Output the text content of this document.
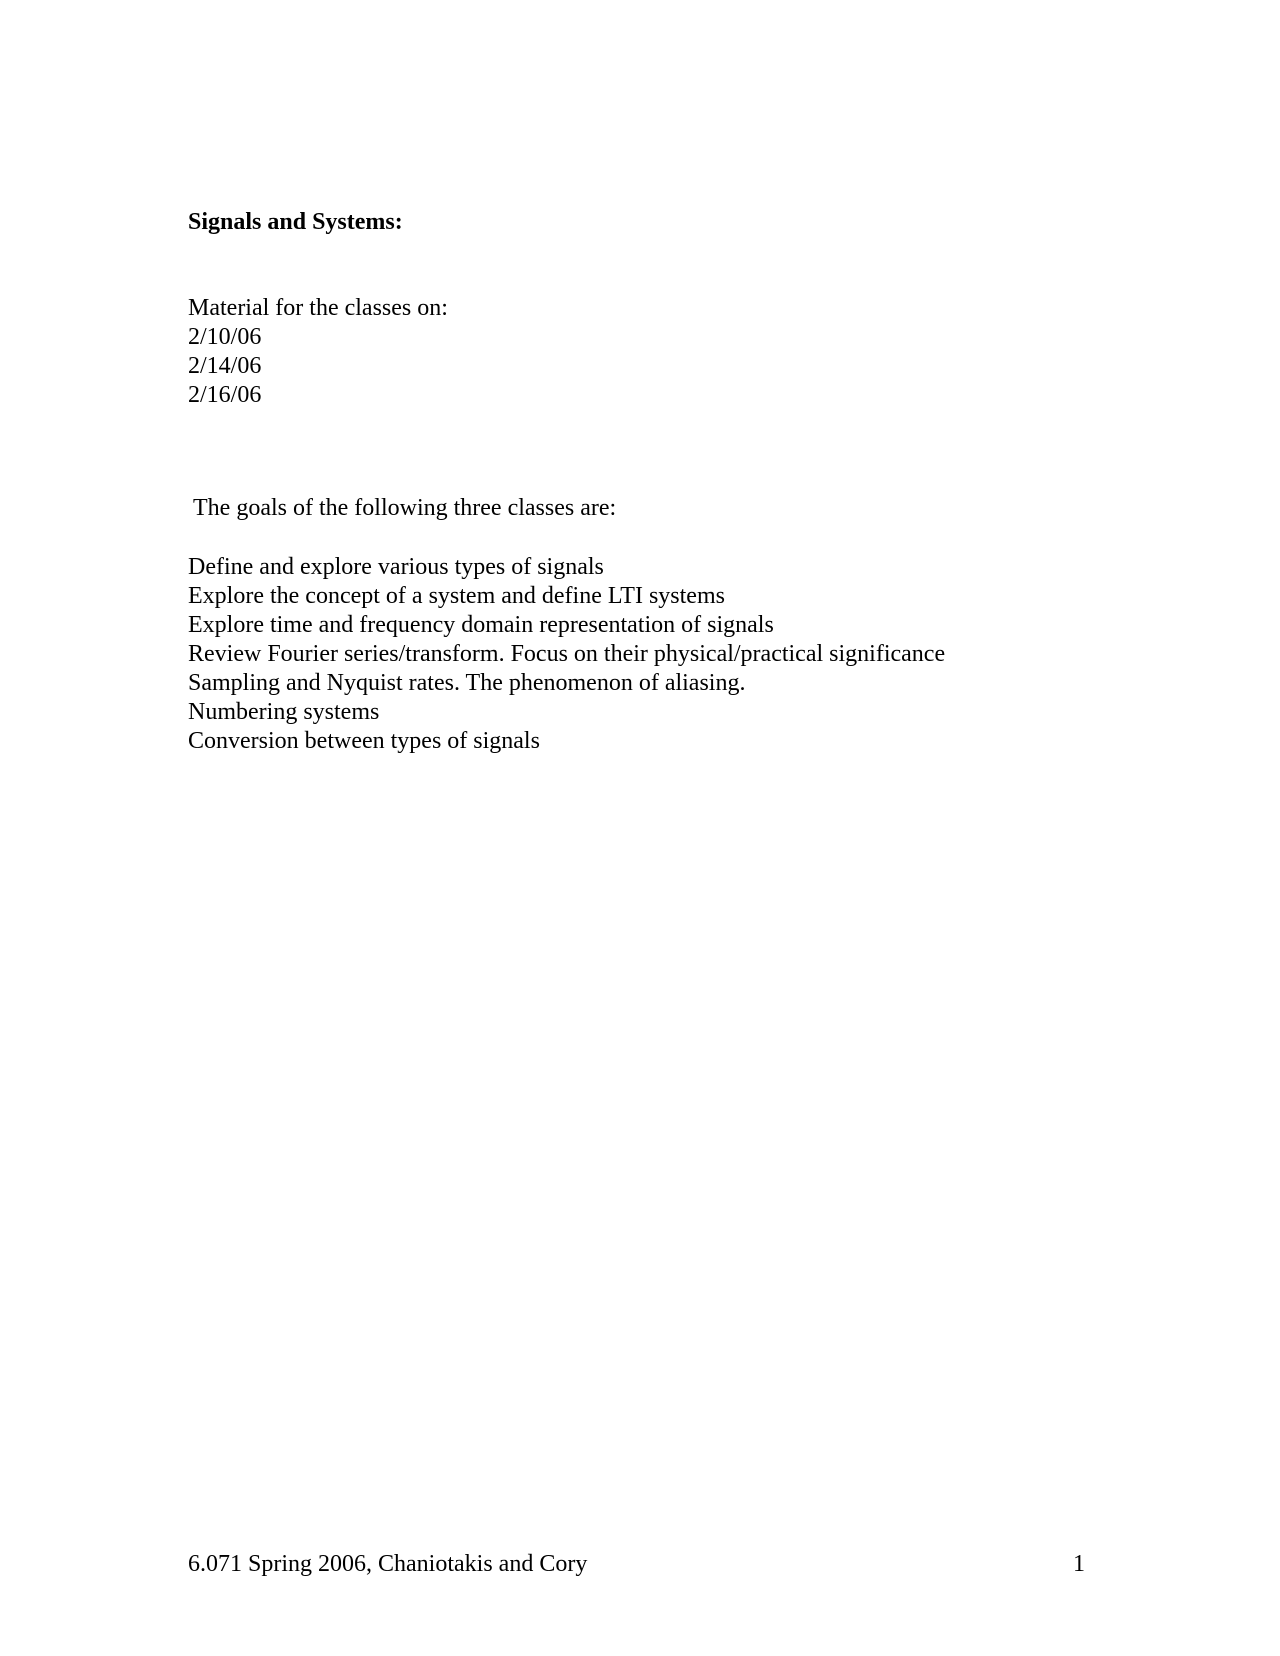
Signals and Systems:
Material for the classes on:
2/10/06
2/14/06
2/16/06
The goals of the following three classes are:
Define and explore various types of signals
Explore the concept of a system and define LTI systems
Explore time and frequency domain representation of signals
Review Fourier series/transform. Focus on their physical/practical significance
Sampling and Nyquist rates. The phenomenon of aliasing.
Numbering systems
Conversion between types of signals
6.071 Spring 2006, Chaniotakis and Cory	1
